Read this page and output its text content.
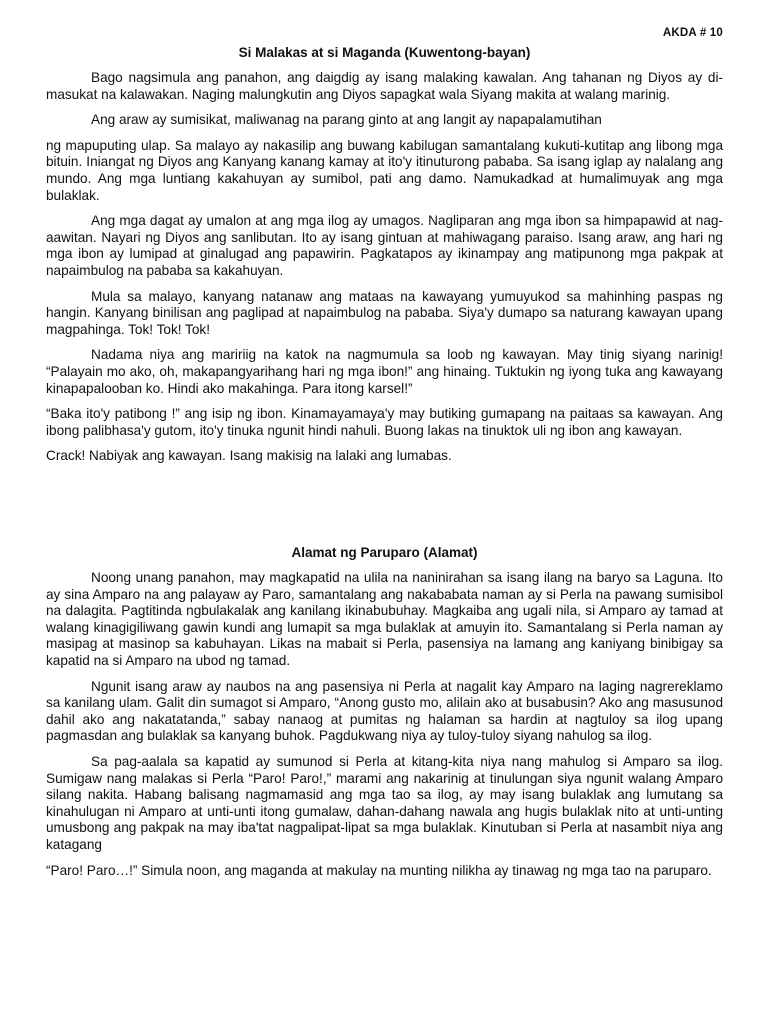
AKDA # 10
Si Malakas at si Maganda (Kuwentong-bayan)

Bago nagsimula ang panahon, ang daigdig ay isang malaking kawalan. Ang tahanan ng Diyos ay di-masukat na kalawakan. Naging malungkutin ang Diyos sapagkat wala Siyang makita at walang marinig.

Ang araw ay sumisikat, maliwanag na parang ginto at ang langit ay napapalamutihan

ng mapuputing ulap. Sa malayo ay nakasilip ang buwang kabilugan samantalang kukuti-kutitap ang libong mga bituin. Iniangat ng Diyos ang Kanyang kanang kamay at ito'y itinuturong pababa. Sa isang iglap ay nalalang ang mundo. Ang mga luntiang kakahuyan ay sumibol, pati ang damo. Namukadkad at humalimuyak ang mga bulaklak.

Ang mga dagat ay umalon at ang mga ilog ay umagos. Nagliparan ang mga ibon sa himpapawid at nag-aawitan. Nayari ng Diyos ang sanlibutan. Ito ay isang gintuan at mahiwagang paraiso. Isang araw, ang hari ng mga ibon ay lumipad at ginalugad ang papawirin. Pagkatapos ay ikinampay ang matipunong mga pakpak at napaimbulog na pababa sa kakahuyan.

Mula sa malayo, kanyang natanaw ang mataas na kawayang yumuyukod sa mahinhing paspas ng hangin. Kanyang binilisan ang paglipad at napaimbulog na pababa. Siya'y dumapo sa naturang kawayan upang magpahinga. Tok! Tok! Tok!

Nadama niya ang maririig na katok na nagmumula sa loob ng kawayan. May tinig siyang narinig! “Palayain mo ako, oh, makapangyarihang hari ng mga ibon!” ang hinaing. Tuktukin ng iyong tuka ang kawayang kinapapalooban ko. Hindi ako makahinga. Para itong karsel!”

“Baka ito'y patibong !” ang isip ng ibon. Kinamayamaya'y may butiking gumapang na paitaas sa kawayan. Ang ibong palibhasa'y gutom, ito'y tinuka ngunit hindi nahuli. Buong lakas na tinuktok uli ng ibon ang kawayan.

Crack! Nabiyak ang kawayan. Isang makisig na lalaki ang lumabas.

Alamat ng Paruparo (Alamat)

Noong unang panahon, may magkapatid na ulila na naninirahan sa isang ilang na baryo sa Laguna. Ito ay sina Amparo na ang palayaw ay Paro, samantalang ang nakababata naman ay si Perla na pawang sumisibol na dalagita. Pagtitinda ngbulakalak ang kanilang ikinabubuhay. Magkaiba ang ugali nila, si Amparo ay tamad at walang kinagigiliwang gawin kundi ang lumapit sa mga bulaklak at amuyin ito. Samantalang si Perla naman ay masipag at masinop sa kabuhayan. Likas na mabait si Perla, pasensiya na lamang ang kaniyang binibigay sa kapatid na si Amparo na ubod ng tamad.

Ngunit isang araw ay naubos na ang pasensiya ni Perla at nagalit kay Amparo na laging nagrereklamo sa kanilang ulam. Galit din sumagot si Amparo, “Anong gusto mo, alilain ako at busabusin? Ako ang masusunod dahil ako ang nakatatanda,” sabay nanaog at pumitas ng halaman sa hardin at nagtuloy sa ilog upang pagmasdan ang bulaklak sa kanyang buhok. Pagdukwang niya ay tuloy-tuloy siyang nahulog sa ilog.

Sa pag-aalala sa kapatid ay sumunod si Perla at kitang-kita niya nang mahulog si Amparo sa ilog. Sumigaw nang malakas si Perla “Paro! Paro!,” marami ang nakarinig at tinulungan siya ngunit walang Amparo silang nakita. Habang balisang nagmamasid ang mga tao sa ilog, ay may isang bulaklak ang lumutang sa kinahulugan ni Amparo at unti-unti itong gumalaw, dahan-dahang nawala ang hugis bulaklak nito at unti-unting umusbong ang pakpak na may iba'tat nagpalipat-lipat sa mga bulaklak. Kinutuban si Perla at nasambit niya ang katagang

“Paro! Paro…!” Simula noon, ang maganda at makulay na munting nilikha ay tinawag ng mga tao na paruparo.
